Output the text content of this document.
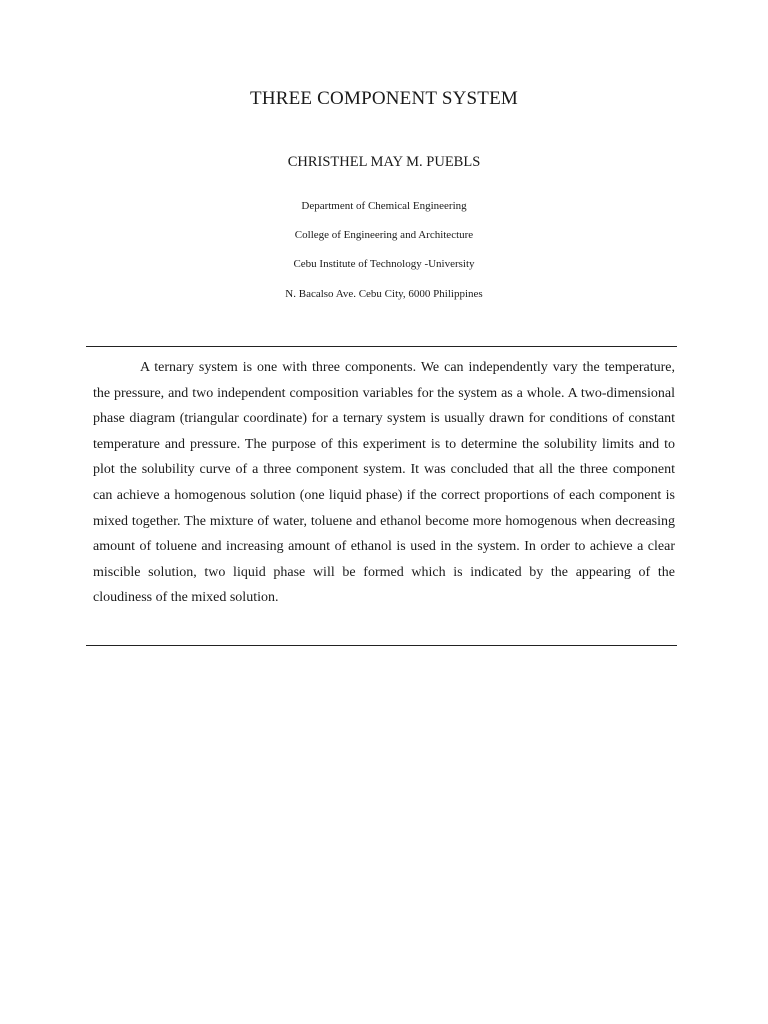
THREE COMPONENT SYSTEM
CHRISTHEL MAY M. PUEBLS
Department of Chemical Engineering
College of Engineering and Architecture
Cebu Institute of Technology -University
N. Bacalso Ave. Cebu City, 6000 Philippines

A ternary system is one with three components. We can independently vary the temperature, the pressure, and two independent composition variables for the system as a whole. A two-dimensional phase diagram (triangular coordinate) for a ternary system is usually drawn for conditions of constant temperature and pressure. The purpose of this experiment is to determine the solubility limits and to plot the solubility curve of a three component system. It was concluded that all the three component can achieve a homogenous solution (one liquid phase) if the correct proportions of each component is mixed together. The mixture of water, toluene and ethanol become more homogenous when decreasing amount of toluene and increasing amount of ethanol is used in the system. In order to achieve a clear miscible solution, two liquid phase will be formed which is indicated by the appearing of the cloudiness of the mixed solution.
